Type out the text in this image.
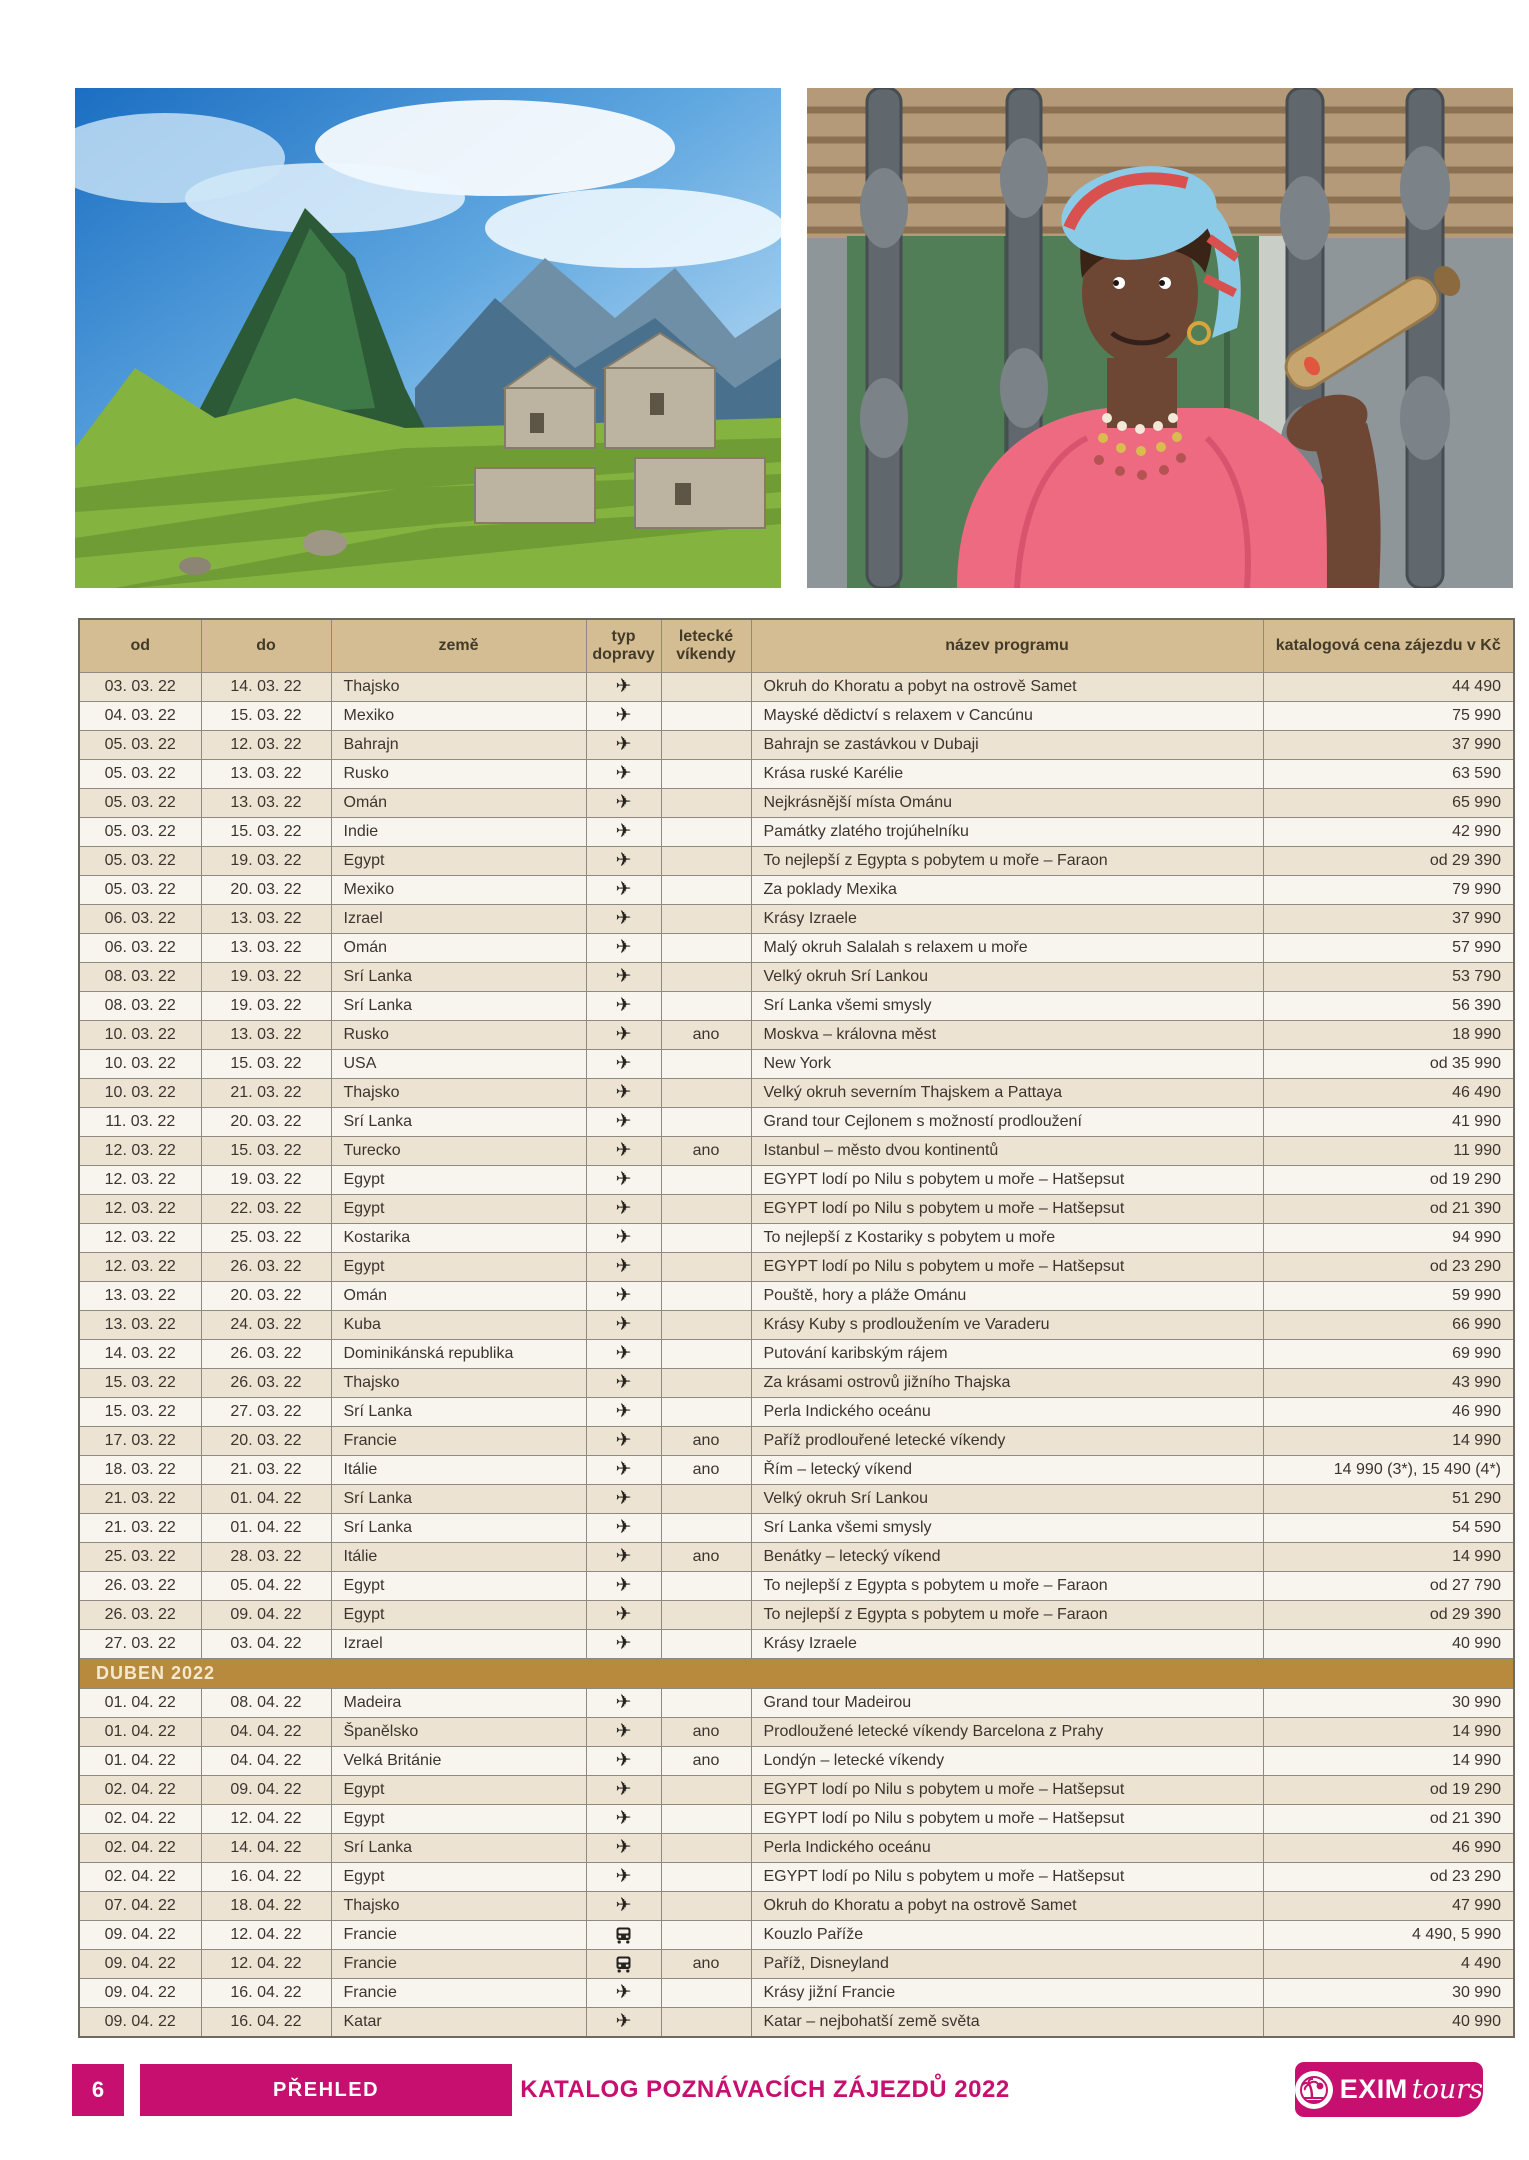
od	do	země	typ dopravy	letecké víkendy	název programu	katalogová cena zájezdu v Kč
03. 03. 22	14. 03. 22	Thajsko	✈		Okruh do Khoratu a pobyt na ostrově Samet	44 490
04. 03. 22	15. 03. 22	Mexiko	✈		Mayské dědictví s relaxem v Cancúnu	75 990
05. 03. 22	12. 03. 22	Bahrajn	✈		Bahrajn se zastávkou v Dubaji	37 990
05. 03. 22	13. 03. 22	Rusko	✈		Krása ruské Karélie	63 590
05. 03. 22	13. 03. 22	Omán	✈		Nejkrásnější místa Ománu	65 990
05. 03. 22	15. 03. 22	Indie	✈		Památky zlatého trojúhelníku	42 990
05. 03. 22	19. 03. 22	Egypt	✈		To nejlepší z Egypta s pobytem u moře – Faraon	od 29 390
05. 03. 22	20. 03. 22	Mexiko	✈		Za poklady Mexika	79 990
06. 03. 22	13. 03. 22	Izrael	✈		Krásy Izraele	37 990
06. 03. 22	13. 03. 22	Omán	✈		Malý okruh Salalah s relaxem u moře	57 990
08. 03. 22	19. 03. 22	Srí Lanka	✈		Velký okruh Srí Lankou	53 790
08. 03. 22	19. 03. 22	Srí Lanka	✈		Srí Lanka všemi smysly	56 390
10. 03. 22	13. 03. 22	Rusko	✈	ano	Moskva – královna měst	18 990
10. 03. 22	15. 03. 22	USA	✈		New York	od 35 990
10. 03. 22	21. 03. 22	Thajsko	✈		Velký okruh severním Thajskem a Pattaya	46 490
11. 03. 22	20. 03. 22	Srí Lanka	✈		Grand tour Cejlonem s možností prodloužení	41 990
12. 03. 22	15. 03. 22	Turecko	✈	ano	Istanbul – město dvou kontinentů	11 990
12. 03. 22	19. 03. 22	Egypt	✈		EGYPT lodí po Nilu s pobytem u moře – Hatšepsut	od 19 290
12. 03. 22	22. 03. 22	Egypt	✈		EGYPT lodí po Nilu s pobytem u moře – Hatšepsut	od 21 390
12. 03. 22	25. 03. 22	Kostarika	✈		To nejlepší z Kostariky s pobytem u moře	94 990
12. 03. 22	26. 03. 22	Egypt	✈		EGYPT lodí po Nilu s pobytem u moře – Hatšepsut	od 23 290
13. 03. 22	20. 03. 22	Omán	✈		Pouště, hory a pláže Ománu	59 990
13. 03. 22	24. 03. 22	Kuba	✈		Krásy Kuby s prodloužením ve Varaderu	66 990
14. 03. 22	26. 03. 22	Dominikánská republika	✈		Putování karibským rájem	69 990
15. 03. 22	26. 03. 22	Thajsko	✈		Za krásami ostrovů jižního Thajska	43 990
15. 03. 22	27. 03. 22	Srí Lanka	✈		Perla Indického oceánu	46 990
17. 03. 22	20. 03. 22	Francie	✈	ano	Paříž prodlouřené letecké víkendy	14 990
18. 03. 22	21. 03. 22	Itálie	✈	ano	Řím – letecký víkend	14 990 (3*), 15 490 (4*)
21. 03. 22	01. 04. 22	Srí Lanka	✈		Velký okruh Srí Lankou	51 290
21. 03. 22	01. 04. 22	Srí Lanka	✈		Srí Lanka všemi smysly	54 590
25. 03. 22	28. 03. 22	Itálie	✈	ano	Benátky – letecký víkend	14 990
26. 03. 22	05. 04. 22	Egypt	✈		To nejlepší z Egypta s pobytem u moře – Faraon	od 27 790
26. 03. 22	09. 04. 22	Egypt	✈		To nejlepší z Egypta s pobytem u moře – Faraon	od 29 390
27. 03. 22	03. 04. 22	Izrael	✈		Krásy Izraele	40 990
DUBEN 2022						
01. 04. 22	08. 04. 22	Madeira	✈		Grand tour Madeirou	30 990
01. 04. 22	04. 04. 22	Španělsko	✈	ano	Prodloužené letecké víkendy Barcelona z Prahy	14 990
01. 04. 22	04. 04. 22	Velká Británie	✈	ano	Londýn – letecké víkendy	14 990
02. 04. 22	09. 04. 22	Egypt	✈		EGYPT lodí po Nilu s pobytem u moře – Hatšepsut	od 19 290
02. 04. 22	12. 04. 22	Egypt	✈		EGYPT lodí po Nilu s pobytem u moře – Hatšepsut	od 21 390
02. 04. 22	14. 04. 22	Srí Lanka	✈		Perla Indického oceánu	46 990
02. 04. 22	16. 04. 22	Egypt	✈		EGYPT lodí po Nilu s pobytem u moře – Hatšepsut	od 23 290
07. 04. 22	18. 04. 22	Thajsko	✈		Okruh do Khoratu a pobyt na ostrově Samet	47 990
09. 04. 22	12. 04. 22	Francie			Kouzlo Paříže	4 490, 5 990
09. 04. 22	12. 04. 22	Francie		ano	Paříž, Disneyland	4 490
09. 04. 22	16. 04. 22	Francie	✈		Krásy jižní Francie	30 990
09. 04. 22	16. 04. 22	Katar	✈		Katar – nejbohatší země světa	40 990
6	PŘEHLED	KATALOG POZNÁVACÍCH ZÁJEZDŮ 2022	EXIM tours
